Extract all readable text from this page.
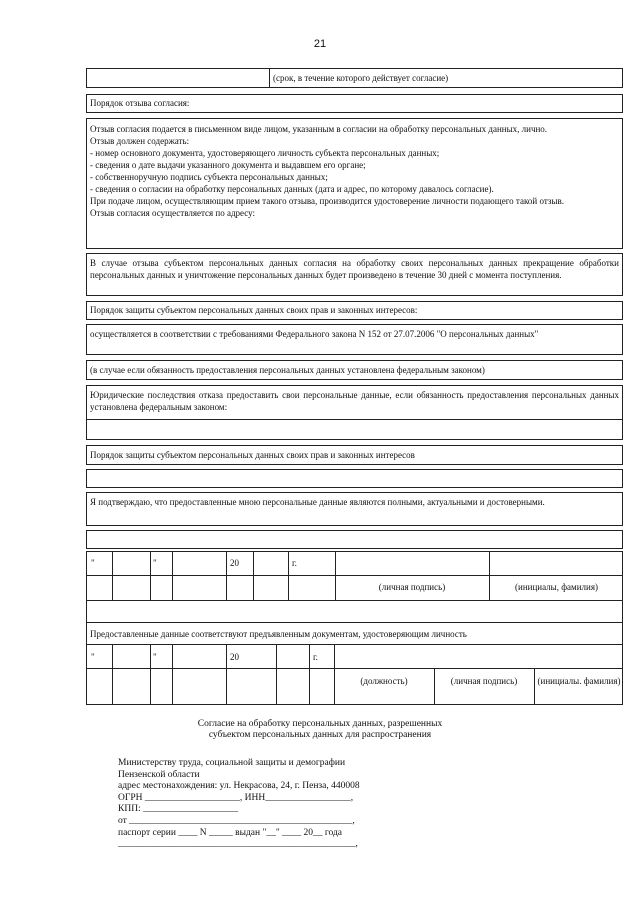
21
(срок, в течение которого действует согласие)
Порядок отзыва согласия:
Отзыв согласия подается в письменном виде лицом, указанным в согласии на обработку персональных данных, лично.
Отзыв должен содержать:
- номер основного документа, удостоверяющего личность субъекта персональных данных;
- сведения о дате выдачи указанного документа и выдавшем его органе;
- собственноручную подпись субъекта персональных данных;
- сведения о согласии на обработку персональных данных (дата и адрес, по которому давалось согласие).
При подаче лицом, осуществляющим прием такого отзыва, производится удостоверение личности подающего такой отзыв.
Отзыв согласия осуществляется по адресу:
В случае отзыва субъектом персональных данных согласия на обработку своих персональных данных прекращение обработки персональных данных и уничтожение персональных данных будет произведено в течение 30 дней с момента поступления.
Порядок защиты субъектом персональных данных своих прав и законных интересов:
осуществляется в соответствии с требованиями Федерального закона N 152 от 27.07.2006 "О персональных данных"
(в случае если обязанность предоставления персональных данных установлена федеральным законом)
Юридические последствия отказа предоставить свои персональные данные, если обязанность предоставления персональных данных установлена федеральным законом:
Порядок защиты субъектом персональных данных своих прав и законных интересов
Я подтверждаю, что предоставленные мною персональные данные являются полными, актуальными и достоверными.
"	"	20	г.
(личная подпись)	(инициалы, фамилия)
Предоставленные данные соответствуют предъявленным документам, удостоверяющим личность
"	"	20	г.
(должность)	(личная подпись)	(инициалы. фамилия)
Согласие на обработку персональных данных, разрешенных
субъектом персональных данных для распространения
Министерству труда, социальной защиты и демографии
Пензенской области
адрес местонахождения: ул. Некрасова, 24, г. Пенза, 440008
ОГРН ____________________, ИНН__________________,
КПП: ____________________
от _______________________________________________,
паспорт серии ____ N _____ выдан "__" ____ 20__ года
__________________________________________________,
